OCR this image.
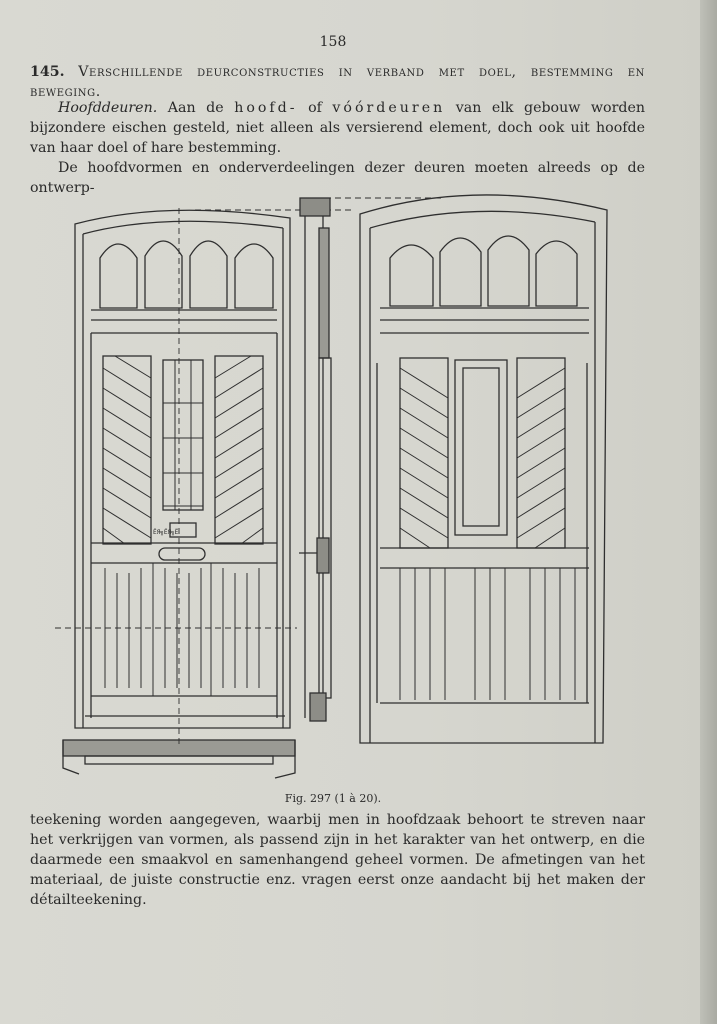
158
145. Verschillende deurconstructies in verband met doel, bestemming en beweging.
Hoofddeuren. Aan de hoofd- of vóórdeuren van elk gebouw worden bijzondere eischen gesteld, niet alleen als versierend element, doch ook uit hoofde van haar doel of hare bestemming.
De hoofdvormen en onderverdeelingen dezer deuren moeten alreeds op de ontwerp-
ЁЯ╗ЁЯ╗Ё
Fig. 297 (1 à 20).
teekening worden aangegeven, waarbij men in hoofdzaak behoort te streven naar het verkrijgen van vormen, als passend zijn in het karakter van het ontwerp, en die daarmede een smaakvol en samenhangend geheel vormen. De afmetingen van het materiaal, de juiste constructie enz. vragen eerst onze aandacht bij het maken der détailteekening.
